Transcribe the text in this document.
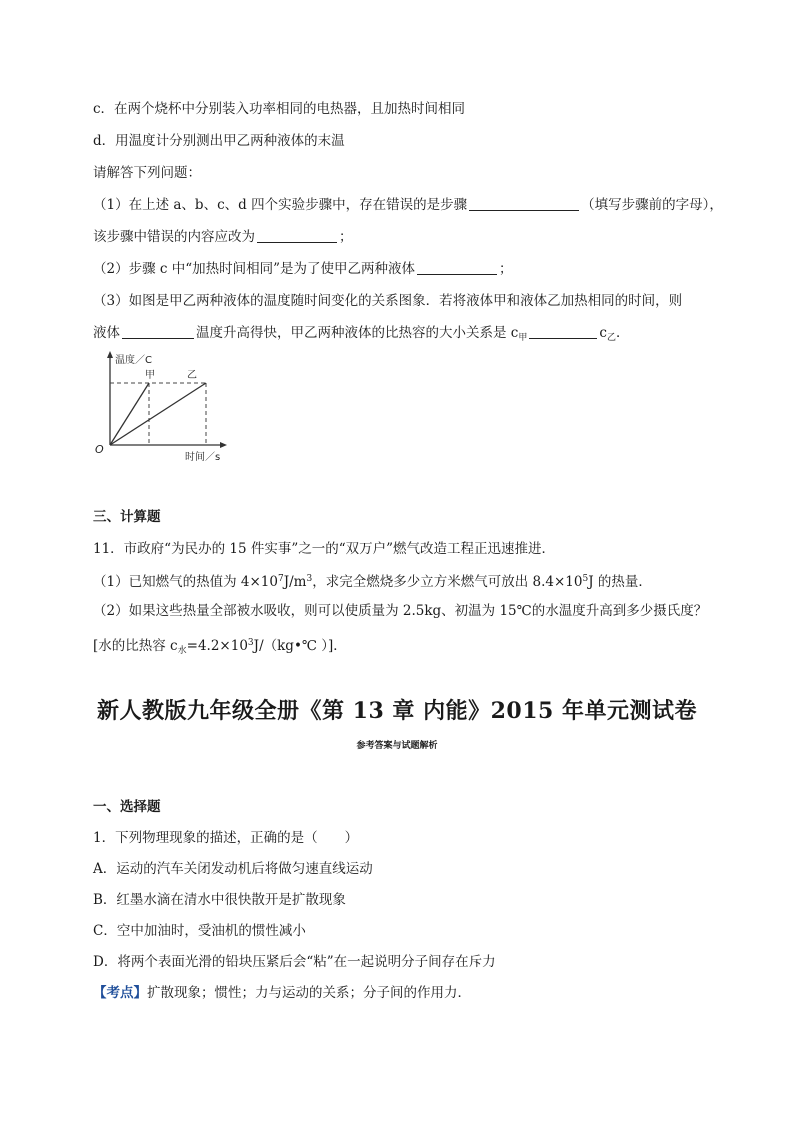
c．在两个烧杯中分别装入功率相同的电热器，且加热时间相同
d．用温度计分别测出甲乙两种液体的末温
请解答下列问题：
（1）在上述 a、b、c、d 四个实验步骤中，存在错误的是步骤	（填写步骤前的字母），
该步骤中错误的内容应改为	；
（2）步骤 c 中“加热时间相同”是为了使甲乙两种液体	；
（3）如图是甲乙两种液体的温度随时间变化的关系图象．若将液体甲和液体乙加热相同的时间，则
液体	温度升高得快，甲乙两种液体的比热容的大小关系是 $c_甲$	$c_乙$．
温度／C
时间／s
O
甲	乙
三、计算题
11．市政府“为民办的 15 件实事”之一的“双万户”燃气改造工程正迅速推进．
（1）已知燃气的热值为 $4\times 10^7J/m^3$，求完全燃烧多少立方米燃气可放出 $8.4\times 10^5J$ 的热量．
（2）如果这些热量全部被水吸收，则可以使质量为 2.5kg、初温为 15℃的水温度升高到多少摄氏度？
[水的比热容 $c_水=4.2\times 10^3J/(kg•℃$ ）]．
新人教版九年级全册《第 13 章 内能》2015 年单元测试卷
参考答案与试题解析
一、选择题
1．下列物理现象的描述，正确的是（　　）
A．运动的汽车关闭发动机后将做匀速直线运动
B．红墨水滴在清水中很快散开是扩散现象
C．空中加油时，受油机的惯性减小
D．将两个表面光滑的铅块压紧后会“粘”在一起说明分子间存在斥力
【考点】扩散现象；惯性；力与运动的关系；分子间的作用力．
